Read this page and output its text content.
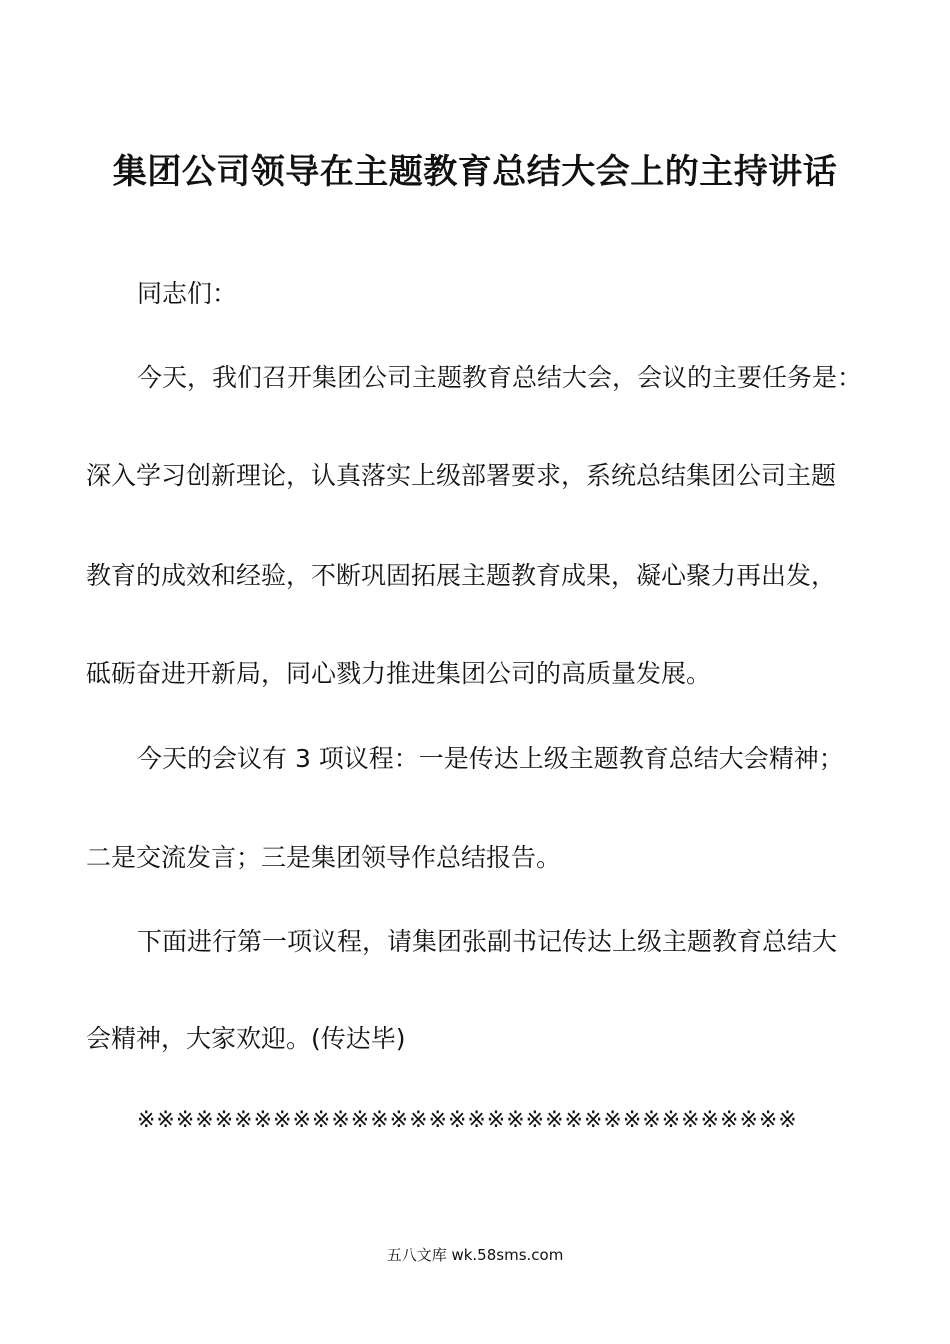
集团公司领导在主题教育总结大会上的主持讲话
同志们：
今天，我们召开集团公司主题教育总结大会，会议的主要任务是：
深入学习创新理论，认真落实上级部署要求，系统总结集团公司主题
教育的成效和经验，不断巩固拓展主题教育成果，凝心聚力再出发，
砥砺奋进开新局，同心戮力推进集团公司的高质量发展。
今天的会议有 3 项议程：一是传达上级主题教育总结大会精神；
二是交流发言；三是集团领导作总结报告。
下面进行第一项议程，请集团张副书记传达上级主题教育总结大
会精神，大家欢迎。(传达毕)
※※※※※※※※※※※※※※※※※※※※※※※※※※※※※※※※※※
五八文库 wk.58sms.com
